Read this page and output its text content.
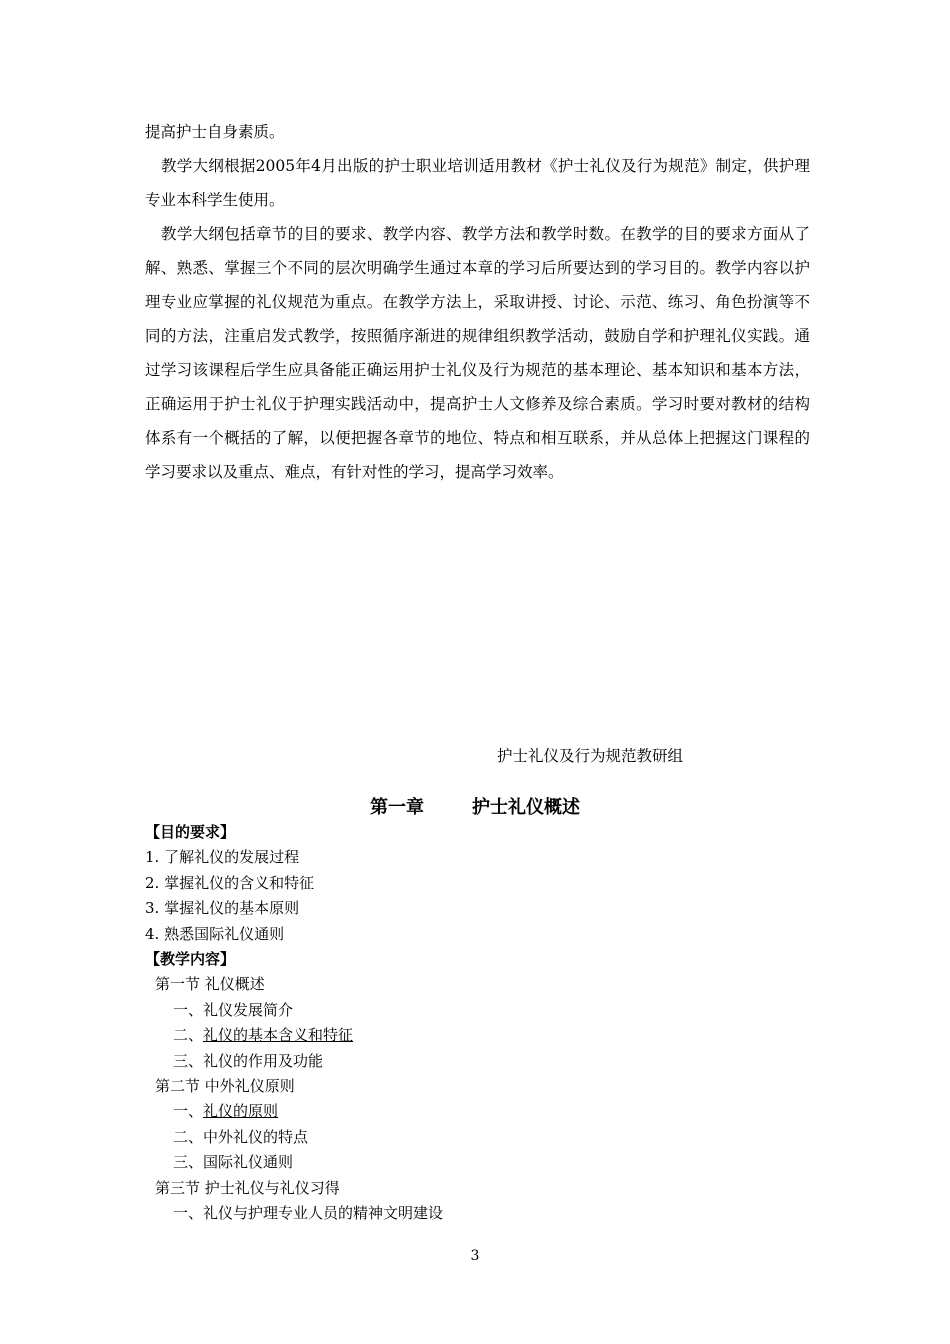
提高护士自身素质。

教学大纲根据2005年4月出版的护士职业培训适用教材《护士礼仪及行为规范》制定，供护理专业本科学生使用。

教学大纲包括章节的目的要求、教学内容、教学方法和教学时数。在教学的目的要求方面从了解、熟悉、掌握三个不同的层次明确学生通过本章的学习后所要达到的学习目的。教学内容以护理专业应掌握的礼仪规范为重点。在教学方法上，采取讲授、讨论、示范、练习、角色扮演等不同的方法，注重启发式教学，按照循序渐进的规律组织教学活动，鼓励自学和护理礼仪实践。通过学习该课程后学生应具备能正确运用护士礼仪及行为规范的基本理论、基本知识和基本方法，正确运用于护士礼仪于护理实践活动中，提高护士人文修养及综合素质。学习时要对教材的结构体系有一个概括的了解，以便把握各章节的地位、特点和相互联系，并从总体上把握这门课程的学习要求以及重点、难点，有针对性的学习，提高学习效率。

护士礼仪及行为规范教研组
第一章	护士礼仪概述
【目的要求】
1. 了解礼仪的发展过程
2. 掌握礼仪的含义和特征
3. 掌握礼仪的基本原则
4. 熟悉国际礼仪通则
【教学内容】
第一节 礼仪概述
一、礼仪发展简介
二、礼仪的基本含义和特征
三、礼仪的作用及功能
第二节 中外礼仪原则
一、礼仪的原则
二、中外礼仪的特点
三、国际礼仪通则
第三节 护士礼仪与礼仪习得
一、礼仪与护理专业人员的精神文明建设
3
